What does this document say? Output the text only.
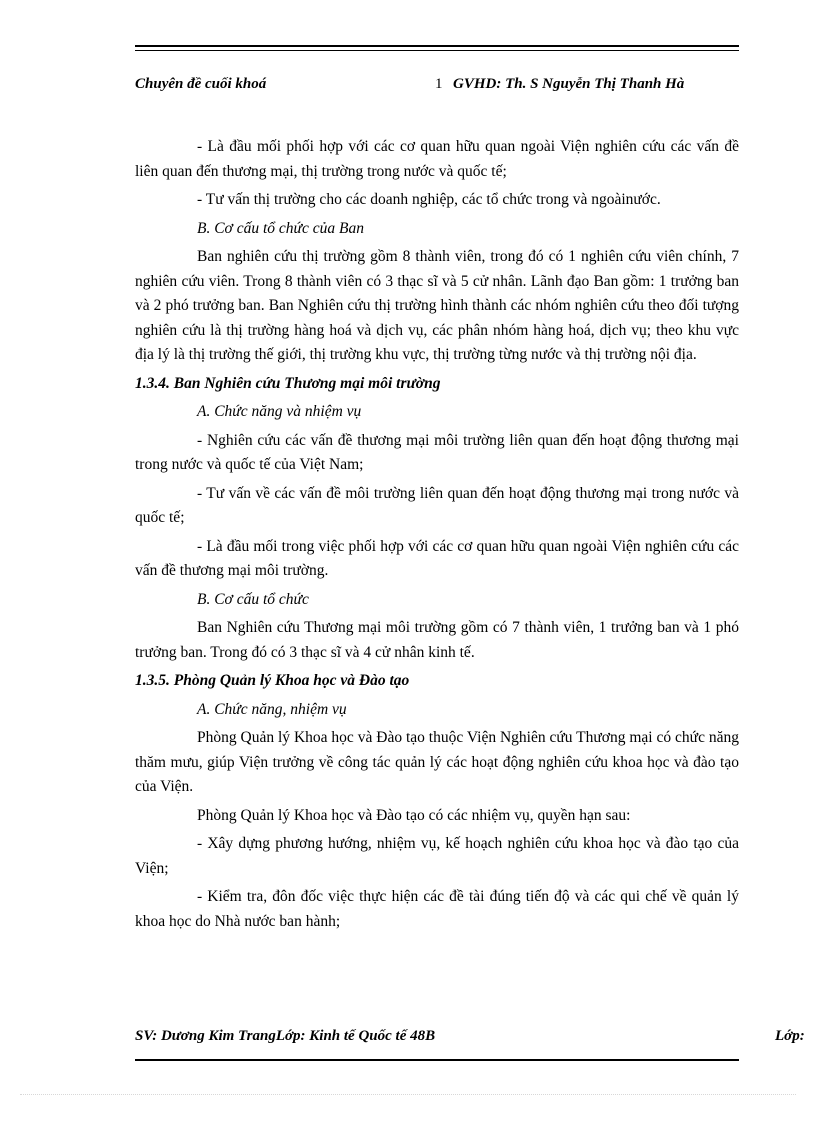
Chuyên đề cuối khoá	1 GVHD: Th. S Nguyễn Thị Thanh Hà

- Là đầu mối phối hợp với các cơ quan hữu quan ngoài Viện nghiên cứu các vấn đề liên quan đến thương mại, thị trường trong nước và quốc tế;

- Tư vấn thị trường cho các doanh nghiệp, các tổ chức trong và ngoàinước.

B. Cơ cấu tổ chức của Ban

Ban nghiên cứu thị trường gồm 8 thành viên, trong đó có 1 nghiên cứu viên chính, 7 nghiên cứu viên. Trong 8 thành viên có 3 thạc sĩ và 5 cử nhân. Lãnh đạo Ban gồm: 1 trưởng ban và 2 phó trưởng ban. Ban Nghiên cứu thị trường hình thành các nhóm nghiên cứu theo đối tượng nghiên cứu là thị trường hàng hoá và dịch vụ, các phân nhóm hàng hoá, dịch vụ; theo khu vực địa lý là thị trường thế giới, thị trường khu vực, thị trường từng nước và thị trường nội địa.

1.3.4. Ban Nghiên cứu Thương mại môi trường

A. Chức năng và nhiệm vụ

- Nghiên cứu các vấn đề thương mại môi trường liên quan đến hoạt động thương mại trong nước và quốc tế của Việt Nam;

- Tư vấn về các vấn đề môi trường liên quan đến hoạt động thương mại trong nước và quốc tế;

- Là đầu mối trong việc phối hợp với các cơ quan hữu quan ngoài Viện nghiên cứu các vấn đề thương mại môi trường.

B. Cơ cấu tổ chức

Ban Nghiên cứu Thương mại môi trường gồm có 7 thành viên, 1 trưởng ban và 1 phó trưởng ban. Trong đó có 3 thạc sĩ và 4 cử nhân kinh tế.

1.3.5. Phòng Quản lý Khoa học và Đào tạo

A. Chức năng, nhiệm vụ

Phòng Quản lý Khoa học và Đào tạo thuộc Viện Nghiên cứu Thương mại có chức năng thăm mưu, giúp Viện trưởng về công tác quản lý các hoạt động nghiên cứu khoa học và đào tạo của Viện.

Phòng Quản lý Khoa học và Đào tạo có các nhiệm vụ, quyền hạn sau:

- Xây dựng phương hướng, nhiệm vụ, kế hoạch nghiên cứu khoa học và đào tạo của Viện;

- Kiểm tra, đôn đốc việc thực hiện các đề tài đúng tiến độ và các qui chế về quản lý khoa học do Nhà nước ban hành;

SV: Dương Kim TrangLớp: Kinh tế Quốc tế 48B	Lớp:
